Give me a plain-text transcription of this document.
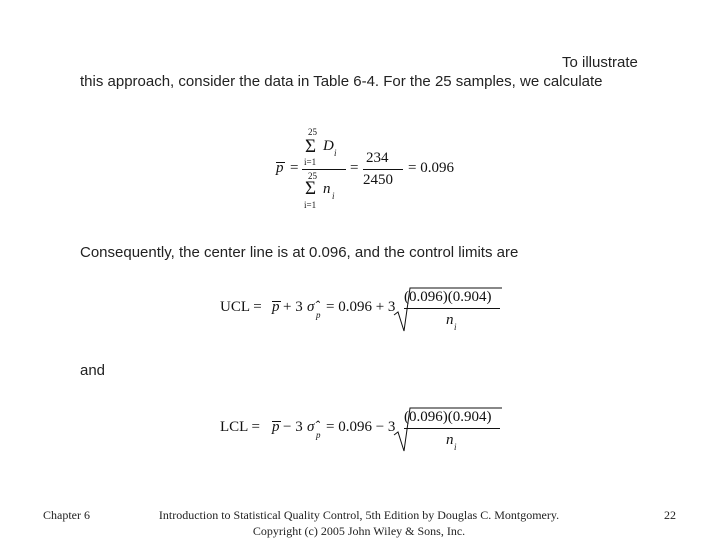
To illustrate
this approach, consider the data in Table 6-4. For the 25 samples, we calculate
p =
25
Σ D i
i=1
25
Σ n i
i=1
=
234
2450
= 0.096
Consequently, the center line is at 0.096, and the control limits are
UCL = p + 3 σ̂ p = 0.096 + 3
(0.096)(0.904)
n i
and
LCL = p − 3 σ̂ p = 0.096 − 3
(0.096)(0.904)
n i
Chapter 6	Introduction to Statistical Quality Control, 5th Edition by Douglas C. Montgomery.
Copyright (c) 2005 John Wiley & Sons, Inc.
22
